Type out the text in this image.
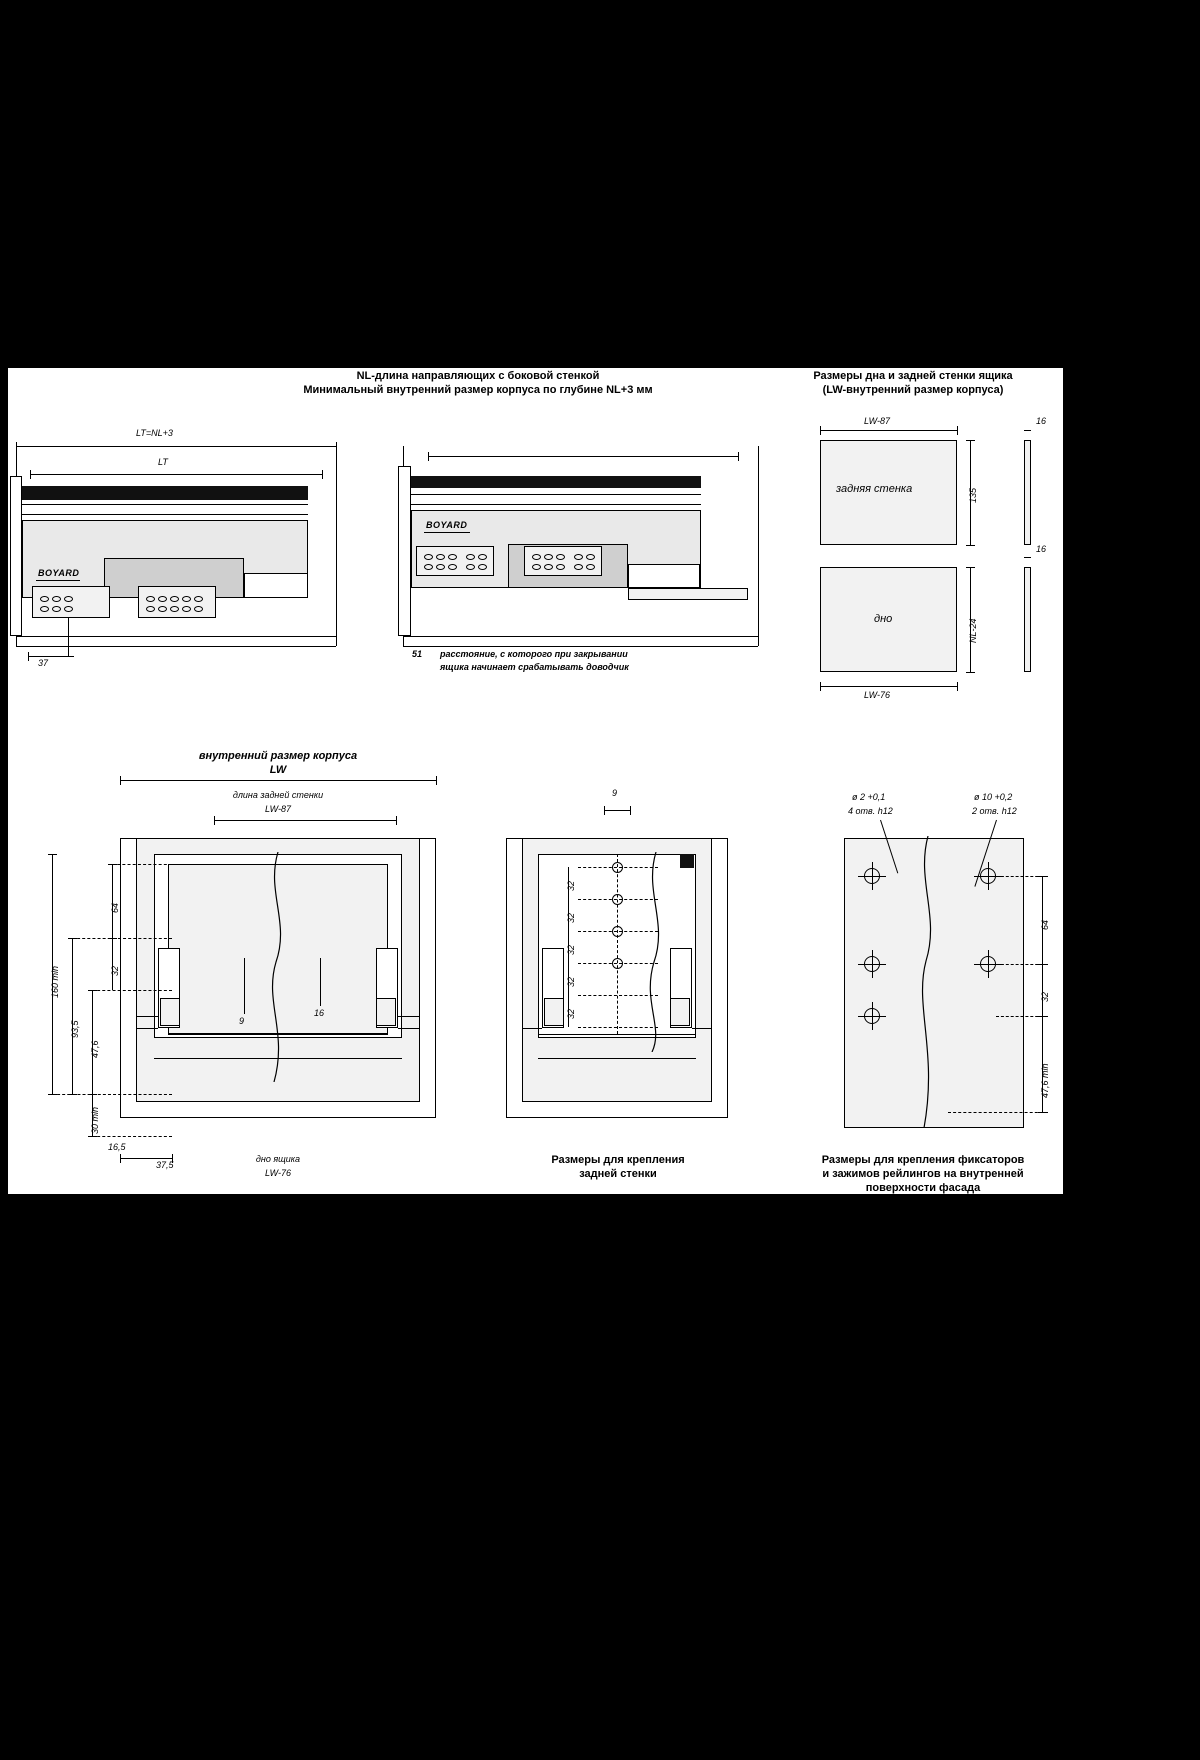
NL-длина направляющих с боковой стенкой
Минимальный внутренний размер корпуса по глубине NL+3 мм
Размеры дна и задней стенки ящика
(LW-внутренний размер корпуса)
LT=NL+3
LT
BOYARD
37
BOYARD
51 расстояние, с которого при закрывании
ящика начинает срабатывать доводчик
задняя стенка
LW-87
135
16
дно	NL-24
LW-76
16
внутренний размер корпуса
LW
длина задней стенки
LW-87
160 min
93,5
47,6
64
32
30 min
16,5
37,5
9
16
дно ящика
LW-76
9
32
32
32
32
32
Размеры для крепления
задней стенки
ø 2 +0,1
4 отв. h12
ø 10 +0,2
2 отв. h12
64
32
47,6 min
Размеры для крепления фиксаторов
и зажимов рейлингов на внутренней
поверхности фасада
